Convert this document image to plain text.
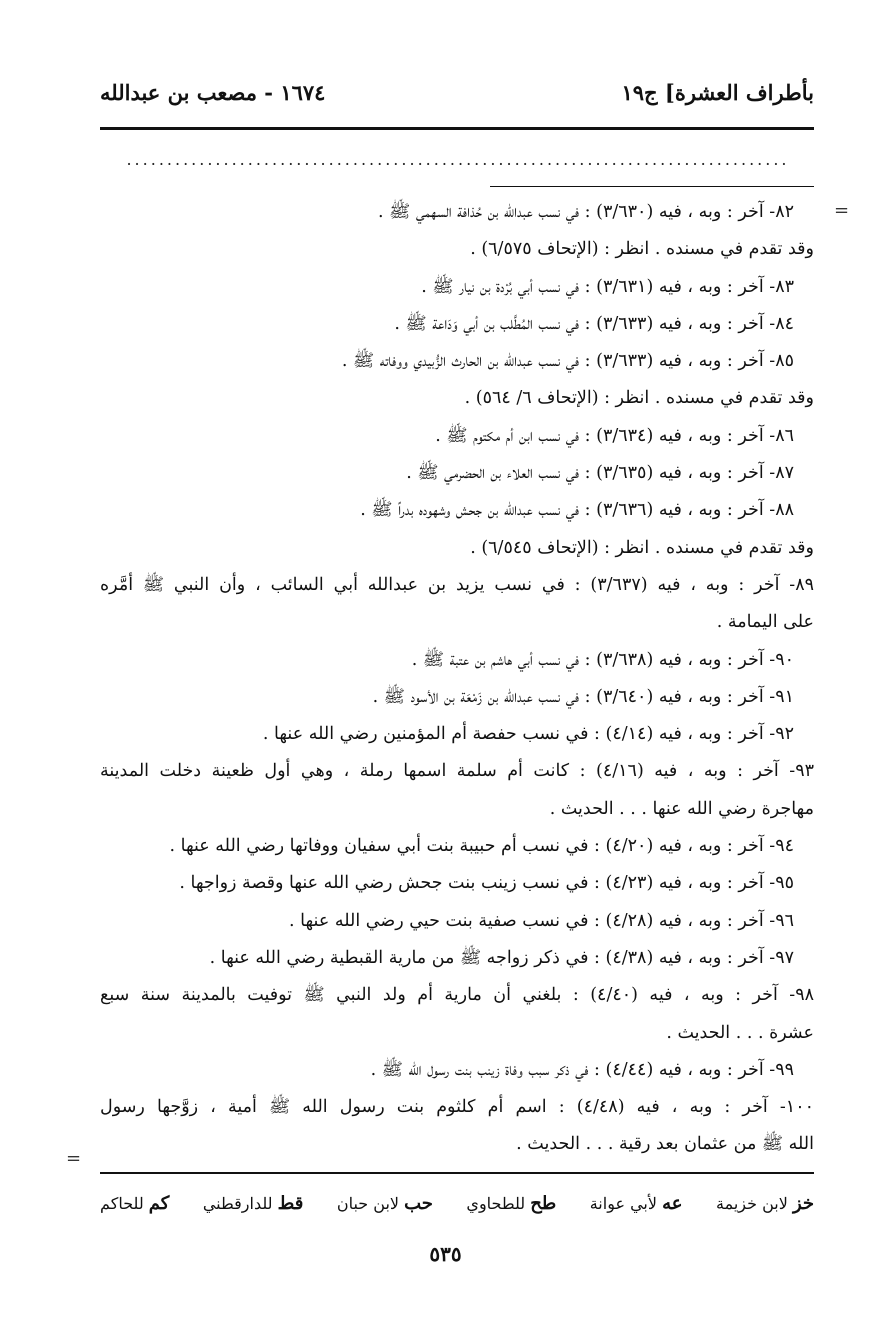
بأطراف العشرة] ج١٩
١٦٧٤ - مصعب بن عبدالله
..................................................................................
=
=
٨٢- آخر : وبه ، فيه (٣/٦٣٠) : في نسب عبدالله بن حُذافة السهمي ﷺ .
وقد تقدم في مسنده . انظر : (الإتحاف ٦/٥٧٥) .
٨٣- آخر : وبه ، فيه (٣/٦٣١) : في نسب أبي بُرْدة بن نيار ﷺ .
٨٤- آخر : وبه ، فيه (٣/٦٣٣) : في نسب المُطَّلب بن أبي وَدَاعة ﷺ .
٨٥- آخر : وبه ، فيه (٣/٦٣٣) : في نسب عبدالله بن الحارث الزُّبيدي ووفاته ﷺ .
وقد تقدم في مسنده . انظر : (الإتحاف ٦/ ٥٦٤) .
٨٦- آخر : وبه ، فيه (٣/٦٣٤) : في نسب ابن أم مكتوم ﷺ .
٨٧- آخر : وبه ، فيه (٣/٦٣٥) : في نسب العلاء بن الحضرمي ﷺ .
٨٨- آخر : وبه ، فيه (٣/٦٣٦) : في نسب عبدالله بن جحش وشهوده بدراً ﷺ .
وقد تقدم في مسنده . انظر : (الإتحاف ٦/٥٤٥) .
٨٩- آخر : وبه ، فيه (٣/٦٣٧) : في نسب يزيد بن عبدالله أبي السائب ، وأن النبي ﷺ أمَّره
على اليمامة .
٩٠- آخر : وبه ، فيه (٣/٦٣٨) : في نسب أبي هاشم بن عتبة ﷺ .
٩١- آخر : وبه ، فيه (٣/٦٤٠) : في نسب عبدالله بن زَمْعَة بن الأسود ﷺ .
٩٢- آخر : وبه ، فيه (٤/١٤) : في نسب حفصة أم المؤمنين رضي الله عنها .
٩٣- آخر : وبه ، فيه (٤/١٦) : كانت أم سلمة اسمها رملة ، وهي أول ظعينة دخلت المدينة
مهاجرة رضي الله عنها . . . الحديث .
٩٤- آخر : وبه ، فيه (٤/٢٠) : في نسب أم حبيبة بنت أبي سفيان ووفاتها رضي الله عنها .
٩٥- آخر : وبه ، فيه (٤/٢٣) : في نسب زينب بنت جحش رضي الله عنها وقصة زواجها .
٩٦- آخر : وبه ، فيه (٤/٢٨) : في نسب صفية بنت حيي رضي الله عنها .
٩٧- آخر : وبه ، فيه (٤/٣٨) : في ذكر زواجه ﷺ من مارية القبطية رضي الله عنها .
٩٨- آخر : وبه ، فيه (٤/٤٠) : بلغني أن مارية أم ولد النبي ﷺ توفيت بالمدينة سنة سبع
عشرة . . . الحديث .
٩٩- آخر : وبه ، فيه (٤/٤٤) : في ذكر سبب وفاة زينب بنت رسول الله ﷺ .
١٠٠- آخر : وبه ، فيه (٤/٤٨) : اسم أم كلثوم بنت رسول الله ﷺ أمية ، زوَّجها رسول
الله ﷺ من عثمان بعد رقية . . . الحديث .
خز لابن خزيمة
عه لأبي عوانة
طح للطحاوي
حب لابن حبان
قط للدارقطني
كم للحاكم
٥٣٥
